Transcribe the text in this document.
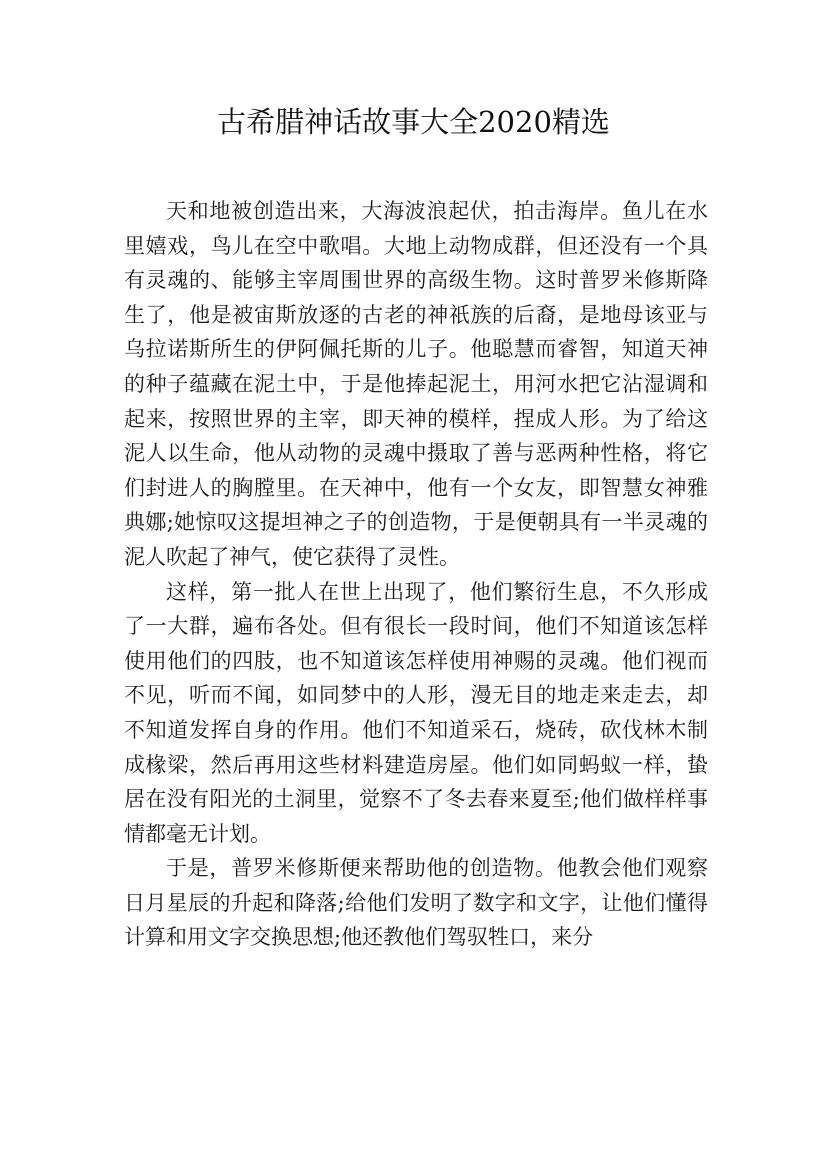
古希腊神话故事大全2020精选

天和地被创造出来，大海波浪起伏，拍击海岸。鱼儿在水里嬉戏，鸟儿在空中歌唱。大地上动物成群，但还没有一个具有灵魂的、能够主宰周围世界的高级生物。这时普罗米修斯降生了，他是被宙斯放逐的古老的神祇族的后裔，是地母该亚与乌拉诺斯所生的伊阿佩托斯的儿子。他聪慧而睿智，知道天神的种子蕴藏在泥土中，于是他捧起泥土，用河水把它沾湿调和起来，按照世界的主宰，即天神的模样，捏成人形。为了给这泥人以生命，他从动物的灵魂中摄取了善与恶两种性格，将它们封进人的胸膛里。在天神中，他有一个女友，即智慧女神雅典娜;她惊叹这提坦神之子的创造物，于是便朝具有一半灵魂的泥人吹起了神气，使它获得了灵性。

这样，第一批人在世上出现了，他们繁衍生息，不久形成了一大群，遍布各处。但有很长一段时间，他们不知道该怎样使用他们的四肢，也不知道该怎样使用神赐的灵魂。他们视而不见，听而不闻，如同梦中的人形，漫无目的地走来走去，却不知道发挥自身的作用。他们不知道采石，烧砖，砍伐林木制成椽梁，然后再用这些材料建造房屋。他们如同蚂蚁一样，蛰居在没有阳光的土洞里，觉察不了冬去春来夏至;他们做样样事情都毫无计划。

于是，普罗米修斯便来帮助他的创造物。他教会他们观察日月星辰的升起和降落;给他们发明了数字和文字，让他们懂得计算和用文字交换思想;他还教他们驾驭牲口，来分
